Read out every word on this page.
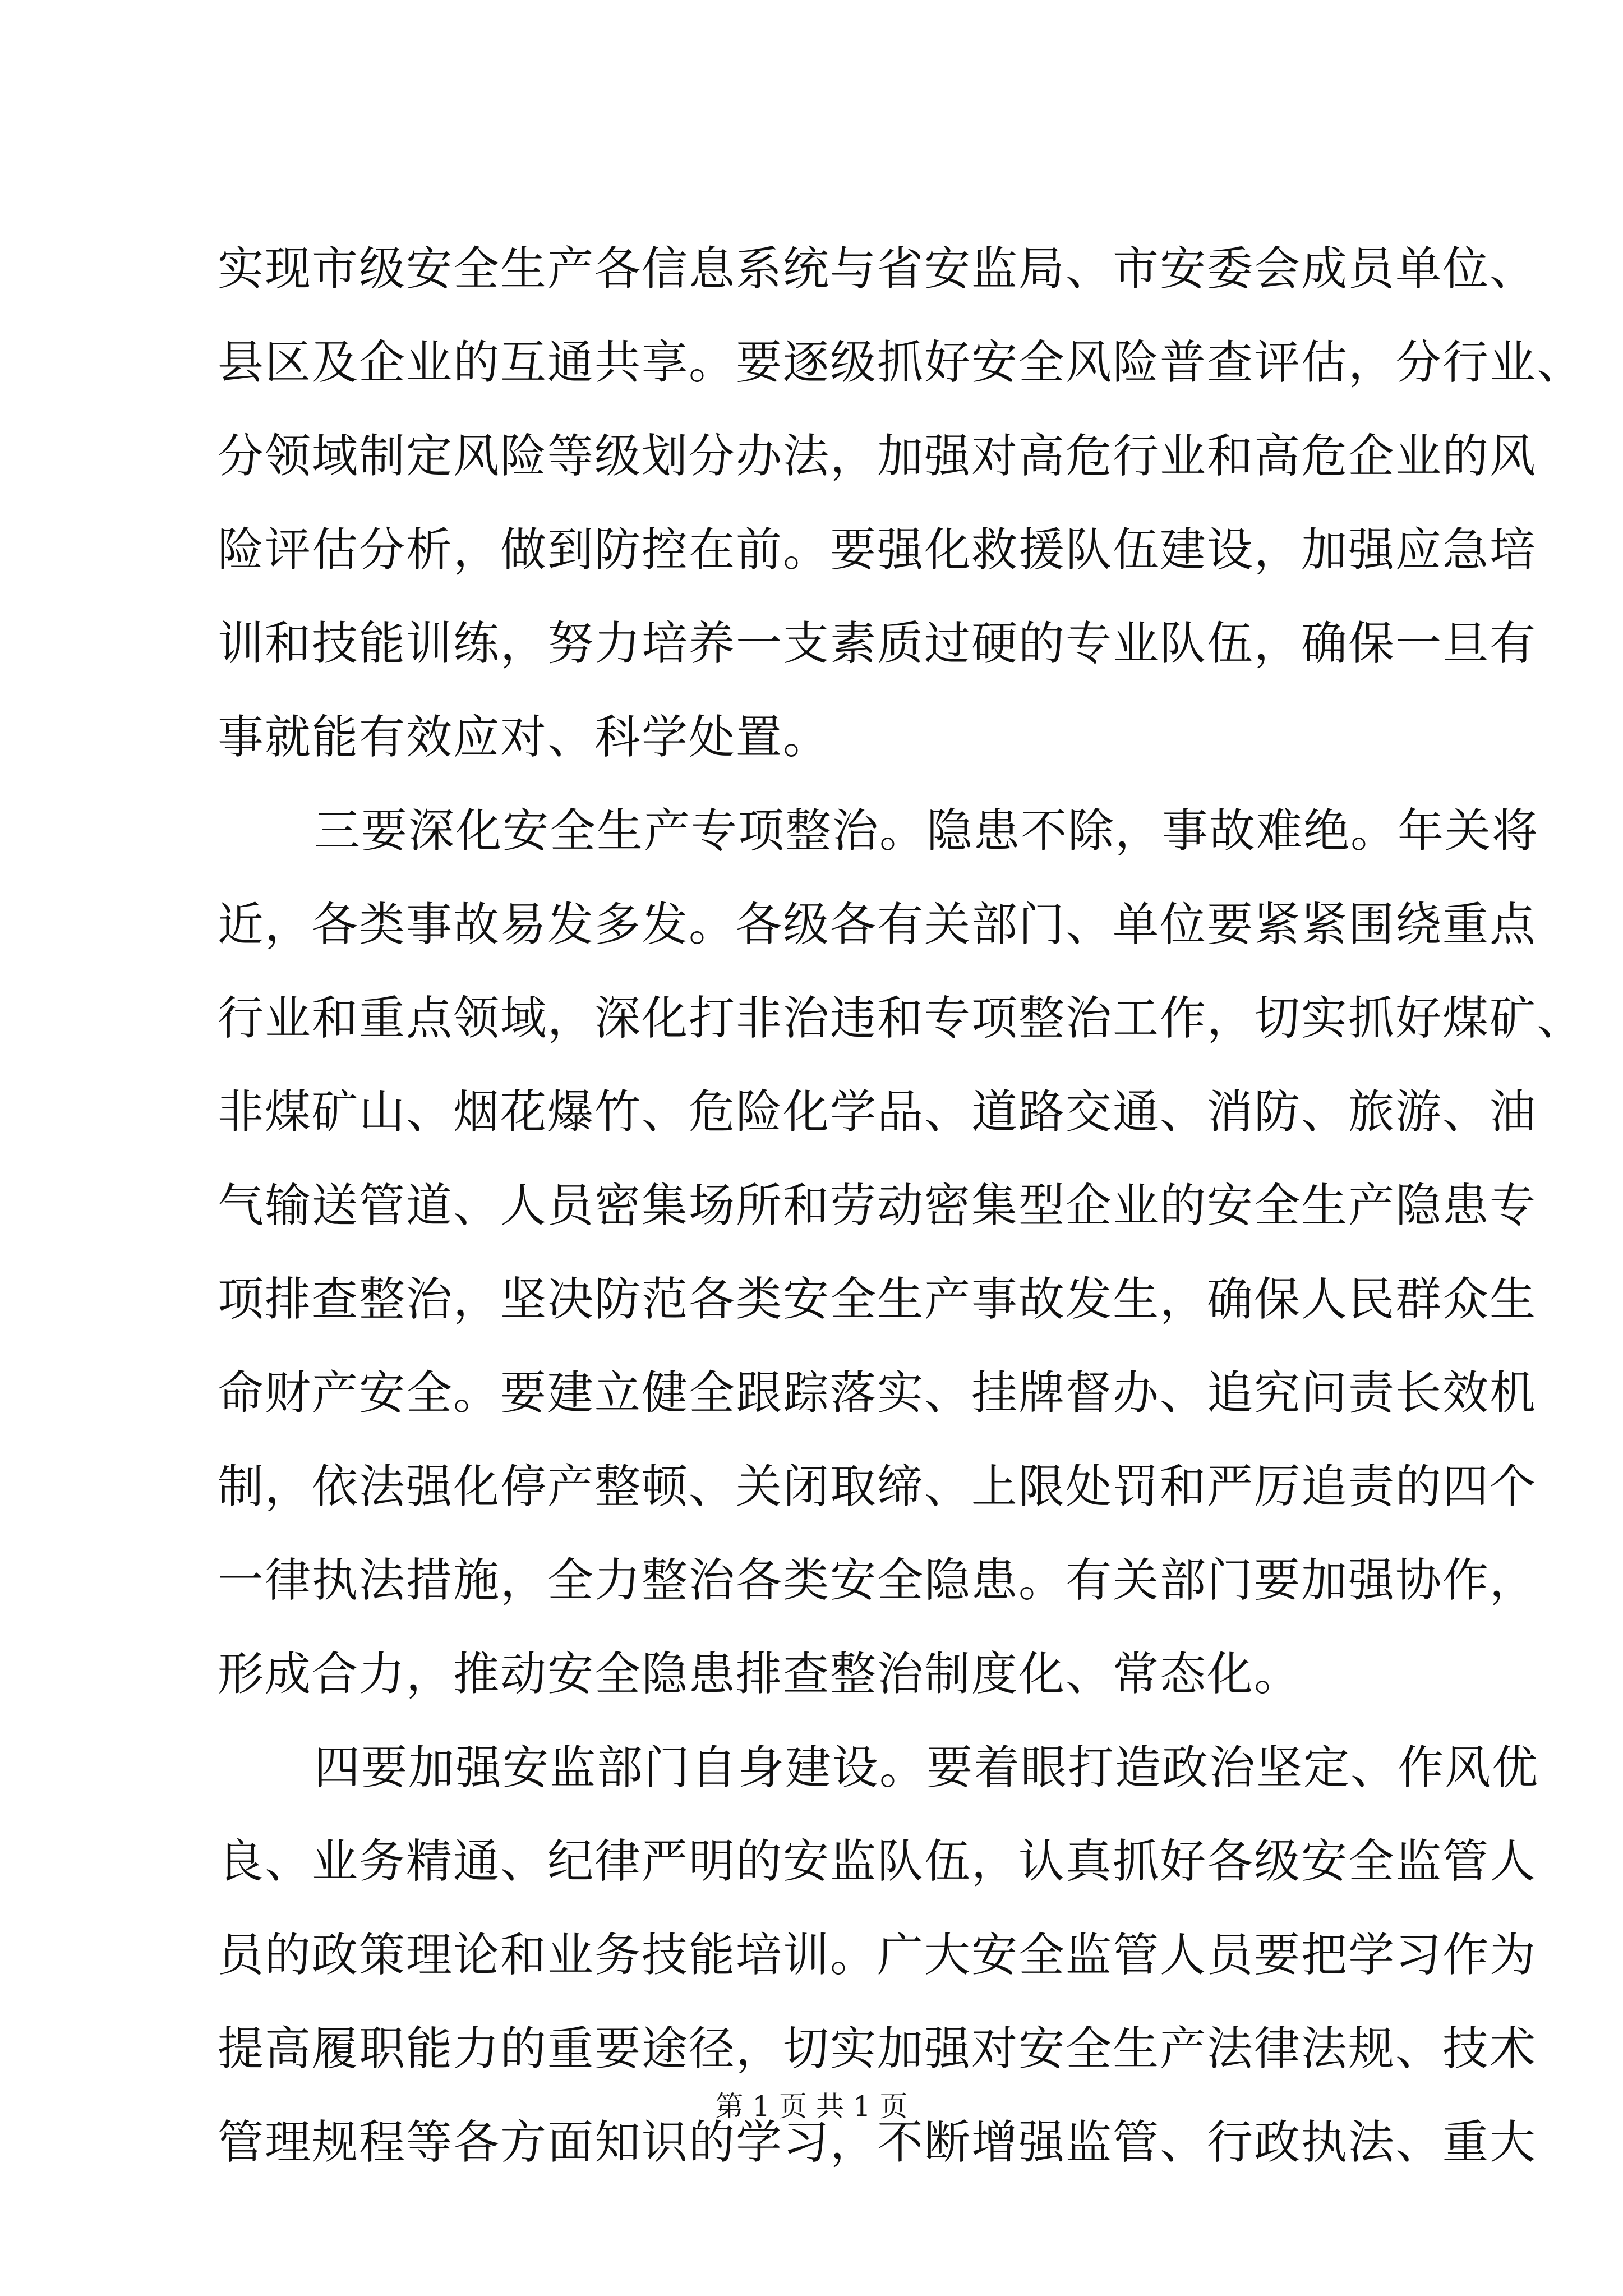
实现市级安全生产各信息系统与省安监局、市安委会成员单位、
县区及企业的互通共享。要逐级抓好安全风险普查评估，分行业、
分领域制定风险等级划分办法，加强对高危行业和高危企业的风
险评估分析，做到防控在前。要强化救援队伍建设，加强应急培
训和技能训练，努力培养一支素质过硬的专业队伍，确保一旦有
事就能有效应对、科学处置。
三要深化安全生产专项整治。隐患不除，事故难绝。年关将
近，各类事故易发多发。各级各有关部门、单位要紧紧围绕重点
行业和重点领域，深化打非治违和专项整治工作，切实抓好煤矿、
非煤矿山、烟花爆竹、危险化学品、道路交通、消防、旅游、油
气输送管道、人员密集场所和劳动密集型企业的安全生产隐患专
项排查整治，坚决防范各类安全生产事故发生，确保人民群众生
命财产安全。要建立健全跟踪落实、挂牌督办、追究问责长效机
制，依法强化停产整顿、关闭取缔、上限处罚和严厉追责的四个
一律执法措施，全力整治各类安全隐患。有关部门要加强协作，
形成合力，推动安全隐患排查整治制度化、常态化。
四要加强安监部门自身建设。要着眼打造政治坚定、作风优
良、业务精通、纪律严明的安监队伍，认真抓好各级安全监管人
员的政策理论和业务技能培训。广大安全监管人员要把学习作为
提高履职能力的重要途径，切实加强对安全生产法律法规、技术
管理规程等各方面知识的学习，不断增强监管、行政执法、重大
第 1 页 共 1 页
